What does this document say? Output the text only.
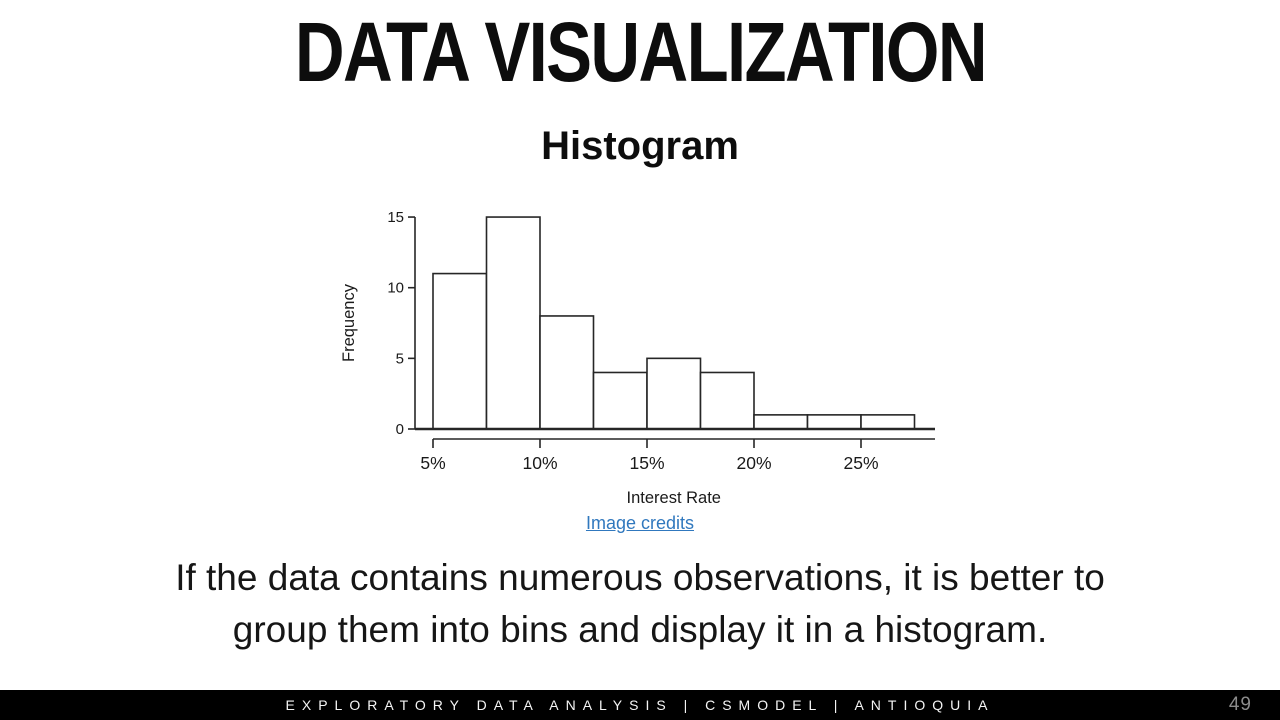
DATA VISUALIZATION
Histogram
0
5
10
15
Frequency
5%	10%	15%	20%	25%
Interest Rate
Image credits
If the data contains numerous observations, it is better to
group them into bins and display it in a histogram.
EXPLORATORY DATA ANALYSIS | CSMODEL | ANTIOQUIA	49
